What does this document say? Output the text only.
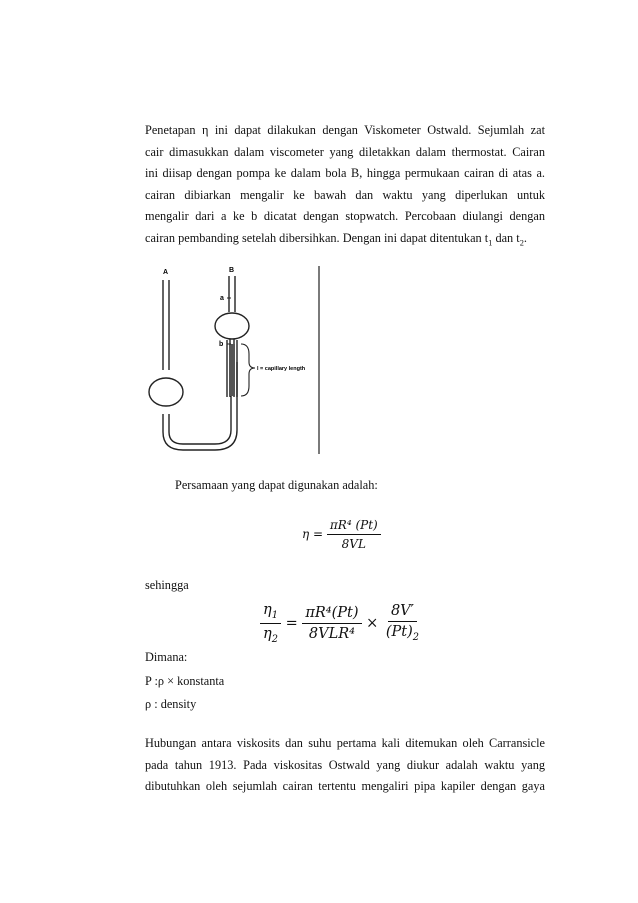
Penetapan η ini dapat dilakukan dengan Viskometer Ostwald. Sejumlah zat
cair dimasukkan dalam viscometer yang diletakkan dalam thermostat. Cairan
ini diisap dengan pompa ke dalam bola B, hingga permukaan cairan di atas a.
cairan dibiarkan mengalir ke bawah dan waktu yang diperlukan untuk
mengalir dari a ke b dicatat dengan stopwatch. Percobaan diulangi dengan
cairan pembanding setelah dibersihkan. Dengan ini dapat ditentukan $t_1$ dan $t_2$.
A	B
a
b
l = capillary length

Persamaan yang dapat digunakan adalah:

$\eta = \frac{\text{πR⁴ (Pt)}}{8VL}$

sehingga

$\frac{\eta_1}{\eta_2} = \frac{\text{πR⁴(Pt)}}{\text{8VLR⁴}} \times \frac{8V'}{(Pt)_2}$

Dimana:

P :ρ × konstanta

ρ : density

Hubungan antara viskosits dan suhu pertama kali ditemukan oleh Carransicle
pada tahun 1913. Pada viskositas Ostwald yang diukur adalah waktu yang
dibutuhkan oleh sejumlah cairan tertentu mengaliri pipa kapiler dengan gaya
